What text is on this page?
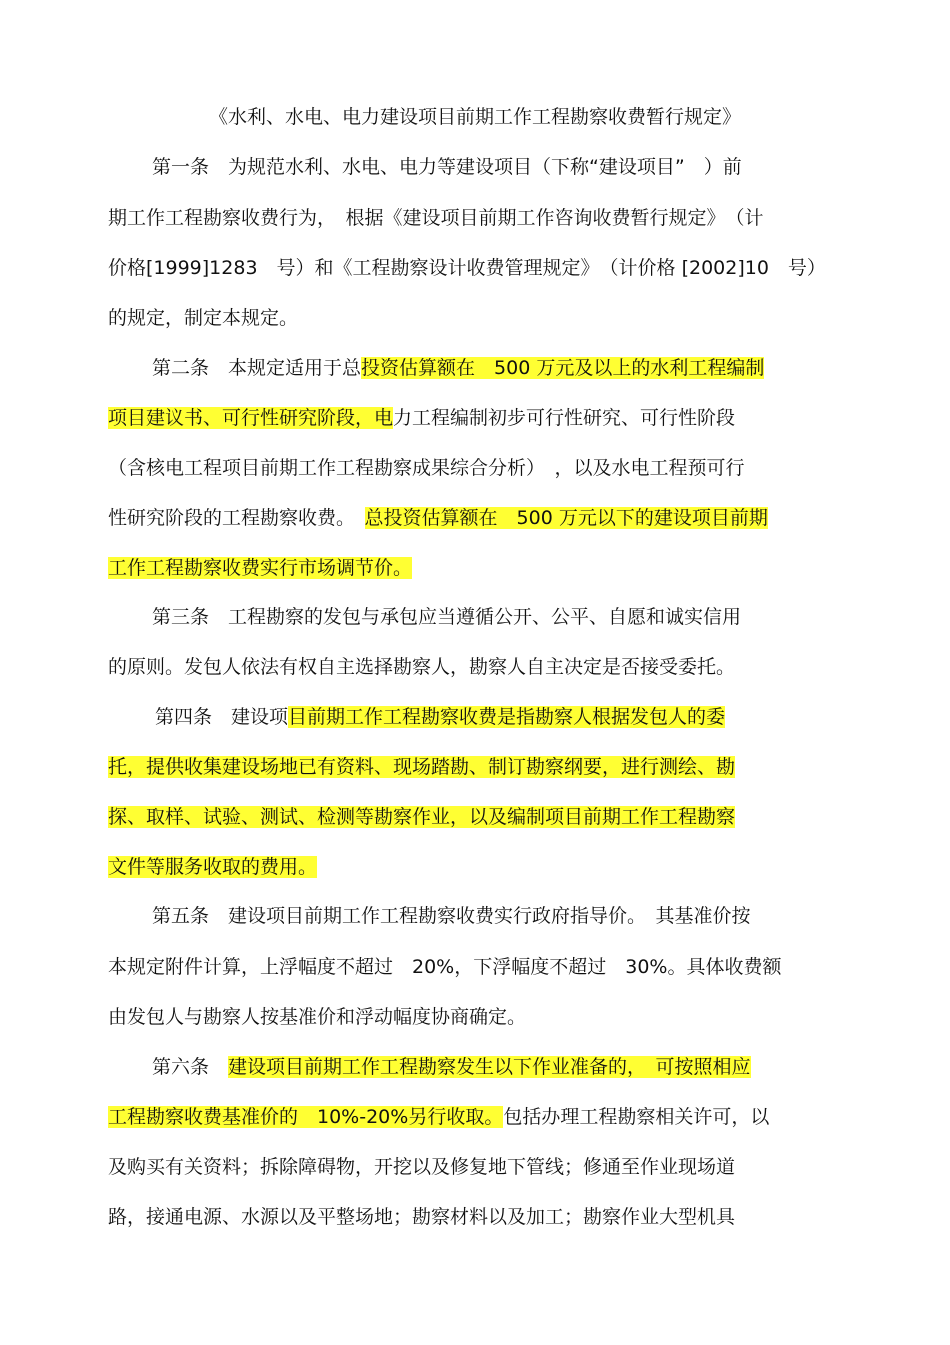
《水利、水电、电力建设项目前期工作工程勘察收费暂行规定》
第一条　为规范水利、水电、电力等建设项目（下称“建设项目”　）前
期工作工程勘察收费行为，　根据《建设项目前期工作咨询收费暂行规定》　（计
价格[1999]1283　号）和《工程勘察设计收费管理规定》　（计价格 [2002]10　号）
的规定，制定本规定。
第二条　本规定适用于总投资估算额在　500 万元及以上的水利工程编制
项目建议书、可行性研究阶段，电力工程编制初步可行性研究、可行性阶段
（含核电工程项目前期工作工程勘察成果综合分析）　，以及水电工程预可行
性研究阶段的工程勘察收费。　总投资估算额在　500 万元以下的建设项目前期
工作工程勘察收费实行市场调节价。
第三条　工程勘察的发包与承包应当遵循公开、公平、自愿和诚实信用
的原则。发包人依法有权自主选择勘察人，勘察人自主决定是否接受委托。
第四条　建设项目前期工作工程勘察收费是指勘察人根据发包人的委
托，提供收集建设场地已有资料、现场踏勘、制订勘察纲要，进行测绘、勘
探、取样、试验、测试、检测等勘察作业，以及编制项目前期工作工程勘察
文件等服务收取的费用。
第五条　建设项目前期工作工程勘察收费实行政府指导价。　其基准价按
本规定附件计算，上浮幅度不超过　20%，下浮幅度不超过　30%。具体收费额
由发包人与勘察人按基准价和浮动幅度协商确定。
第六条　建设项目前期工作工程勘察发生以下作业准备的，　可按照相应
工程勘察收费基准价的　10%-20%另行收取。包括办理工程勘察相关许可，以
及购买有关资料；拆除障碍物，开挖以及修复地下管线；修通至作业现场道
路，接通电源、水源以及平整场地；勘察材料以及加工；勘察作业大型机具
